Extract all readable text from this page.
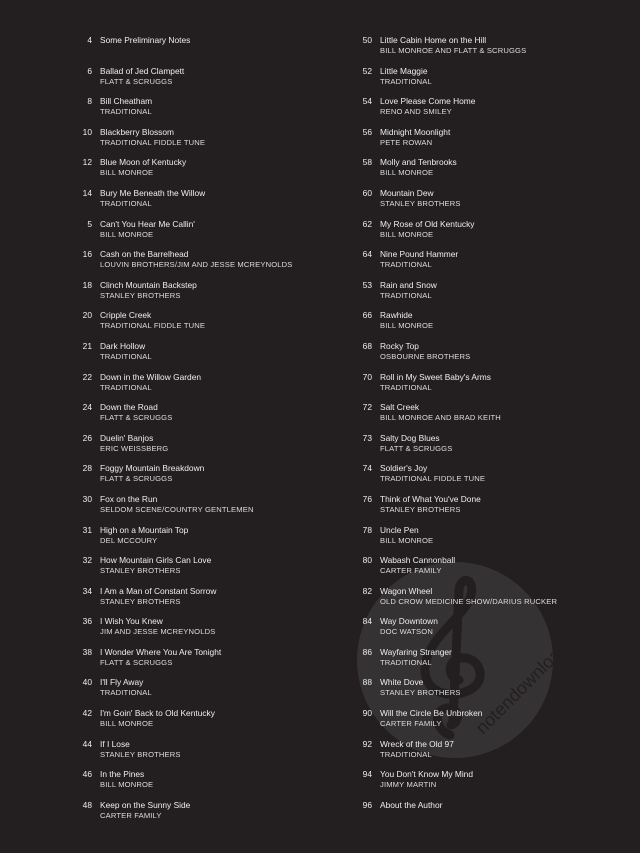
notendownload.de
4 Some Preliminary Notes
6 Ballad of Jed Clampett
FLATT & SCRUGGS
8 Bill Cheatham
TRADITIONAL
10 Blackberry Blossom
TRADITIONAL FIDDLE TUNE
12 Blue Moon of Kentucky
BILL MONROE
14 Bury Me Beneath the Willow
TRADITIONAL
5 Can't You Hear Me Callin'
BILL MONROE
16 Cash on the Barrelhead
LOUVIN BROTHERS/JIM AND JESSE MCREYNOLDS
18 Clinch Mountain Backstep
STANLEY BROTHERS
20 Cripple Creek
TRADITIONAL FIDDLE TUNE
21 Dark Hollow
TRADITIONAL
22 Down in the Willow Garden
TRADITIONAL
24 Down the Road
FLATT & SCRUGGS
26 Duelin' Banjos
ERIC WEISSBERG
28 Foggy Mountain Breakdown
FLATT & SCRUGGS
30 Fox on the Run
SELDOM SCENE/COUNTRY GENTLEMEN
31 High on a Mountain Top
DEL MCCOURY
32 How Mountain Girls Can Love
STANLEY BROTHERS
34 I Am a Man of Constant Sorrow
STANLEY BROTHERS
36 I Wish You Knew
JIM AND JESSE MCREYNOLDS
38 I Wonder Where You Are Tonight
FLATT & SCRUGGS
40 I'll Fly Away
TRADITIONAL
42 I'm Goin' Back to Old Kentucky
BILL MONROE
44 If I Lose
STANLEY BROTHERS
46 In the Pines
BILL MONROE
48 Keep on the Sunny Side
CARTER FAMILY
50 Little Cabin Home on the Hill
BILL MONROE AND FLATT & SCRUGGS
52 Little Maggie
TRADITIONAL
54 Love Please Come Home
RENO AND SMILEY
56 Midnight Moonlight
PETE ROWAN
58 Molly and Tenbrooks
BILL MONROE
60 Mountain Dew
STANLEY BROTHERS
62 My Rose of Old Kentucky
BILL MONROE
64 Nine Pound Hammer
TRADITIONAL
53 Rain and Snow
TRADITIONAL
66 Rawhide
BILL MONROE
68 Rocky Top
OSBOURNE BROTHERS
70 Roll in My Sweet Baby's Arms
TRADITIONAL
72 Salt Creek
BILL MONROE AND BRAD KEITH
73 Salty Dog Blues
FLATT & SCRUGGS
74 Soldier's Joy
TRADITIONAL FIDDLE TUNE
76 Think of What You've Done
STANLEY BROTHERS
78 Uncle Pen
BILL MONROE
80 Wabash Cannonball
CARTER FAMILY
82 Wagon Wheel
OLD CROW MEDICINE SHOW/DARIUS RUCKER
84 Way Downtown
DOC WATSON
86 Wayfaring Stranger
TRADITIONAL
88 White Dove
STANLEY BROTHERS
90 Will the Circle Be Unbroken
CARTER FAMILY
92 Wreck of the Old 97
TRADITIONAL
94 You Don't Know My Mind
JIMMY MARTIN
96 About the Author
